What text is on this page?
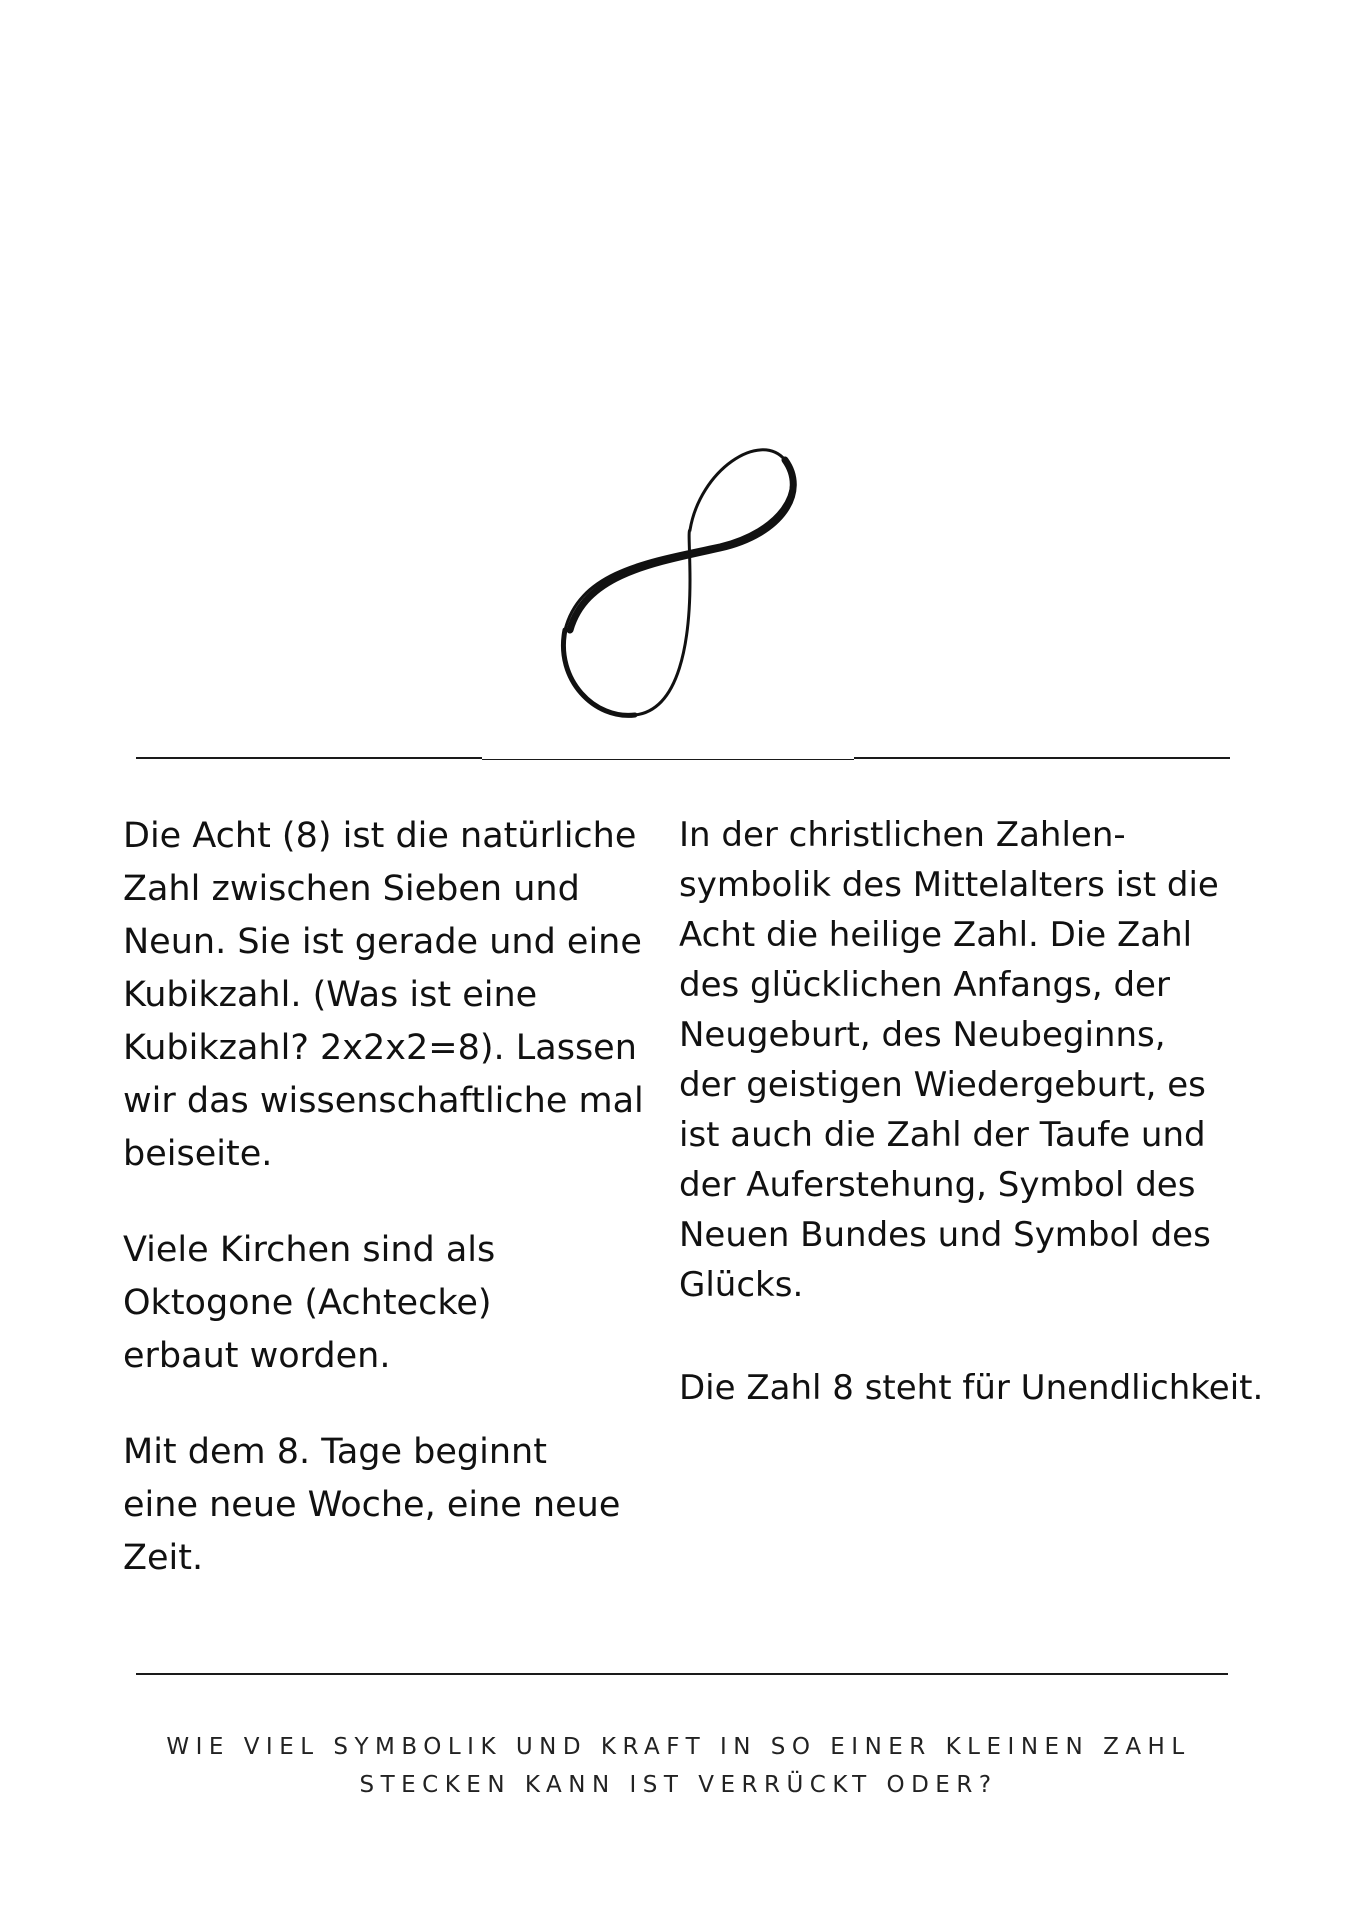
Die Acht (8) ist die natürliche
Zahl zwischen Sieben und
Neun. Sie ist gerade und eine
Kubikzahl. (Was ist eine
Kubikzahl? 2x2x2=8). Lassen
wir das wissenschaftliche mal
beiseite.

Viele Kirchen sind als
Oktogone (Achtecke)
erbaut worden.

Mit dem 8. Tage beginnt
eine neue Woche, eine neue
Zeit.

In der christlichen Zahlen-
symbolik des Mittelalters ist die
Acht die heilige Zahl. Die Zahl
des glücklichen Anfangs, der
Neugeburt, des Neubeginns,
der geistigen Wiedergeburt, es
ist auch die Zahl der Taufe und
der Auferstehung, Symbol des
Neuen Bundes und Symbol des
Glücks.

Die Zahl 8 steht für Unendlichkeit.

WIE VIEL SYMBOLIK UND KRAFT IN SO EINER KLEINEN ZAHL
STECKEN KANN IST VERRÜCKT ODER?
